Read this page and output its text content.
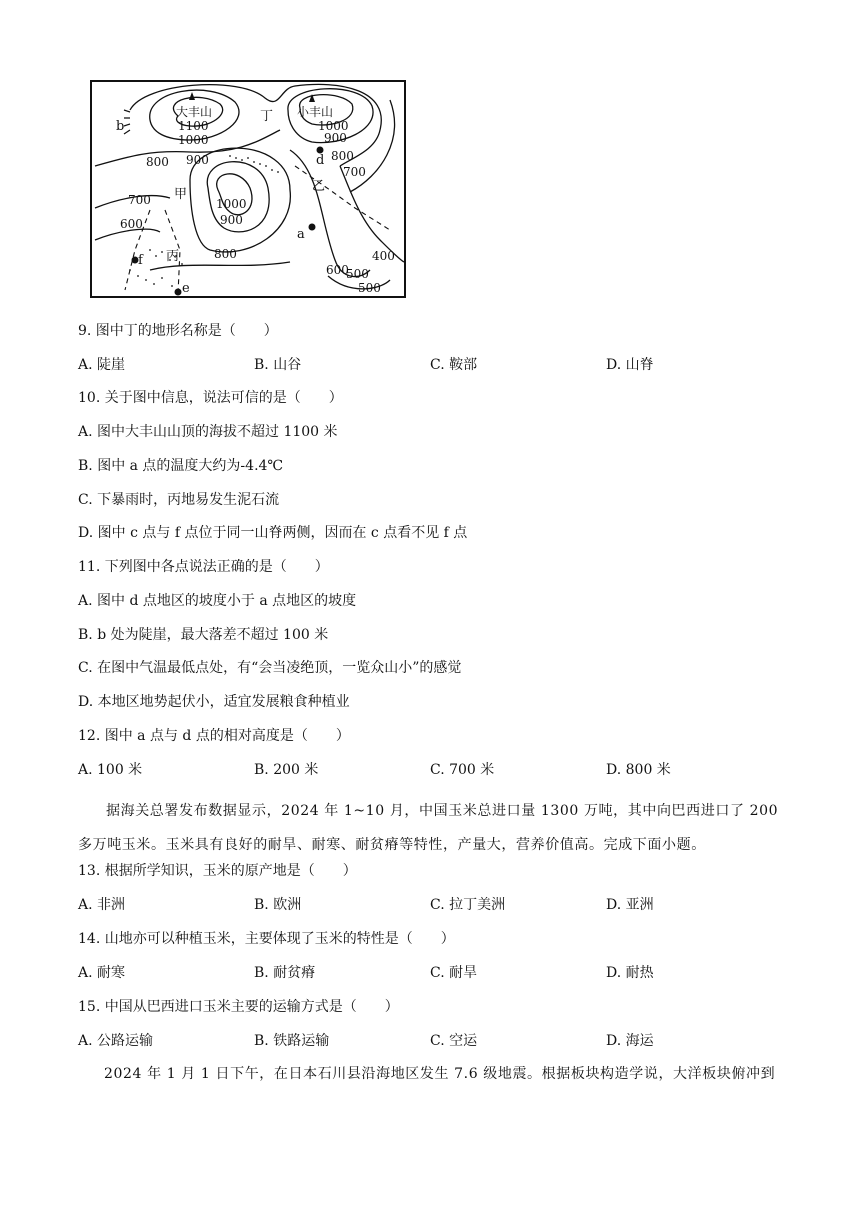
大丰山	小丰山
丁
1100	1000
1000	900
b
800 900	800
d
700
乙
甲
700	1000
900
600
a
丙	800
f	400
600
500
500
e
9. 图中丁的地形名称是（　　）
A. 陡崖	B. 山谷	C. 鞍部	D. 山脊
10. 关于图中信息，说法可信的是（　　）
A. 图中大丰山山顶的海拔不超过 1100 米
B. 图中 a 点的温度大约为-4.4℃
C. 下暴雨时，丙地易发生泥石流
D. 图中 c 点与 f 点位于同一山脊两侧，因而在 c 点看不见 f 点
11. 下列图中各点说法正确的是（　　）
A. 图中 d 点地区的坡度小于 a 点地区的坡度
B. b 处为陡崖，最大落差不超过 100 米
C. 在图中气温最低点处，有“会当凌绝顶，一览众山小”的感觉
D. 本地区地势起伏小，适宜发展粮食种植业
12. 图中 a 点与 d 点的相对高度是（　　）
A. 100 米	B. 200 米	C. 700 米	D. 800 米
据海关总署发布数据显示，2024 年 1~10 月，中国玉米总进口量 1300 万吨，其中向巴西进口了 200 多万吨玉米。玉米具有良好的耐旱、耐寒、耐贫瘠等特性，产量大，营养价值高。完成下面小题。
13. 根据所学知识，玉米的原产地是（　　）
A. 非洲	B. 欧洲	C. 拉丁美洲	D. 亚洲
14. 山地亦可以种植玉米，主要体现了玉米的特性是（　　）
A. 耐寒	B. 耐贫瘠	C. 耐旱	D. 耐热
15. 中国从巴西进口玉米主要的运输方式是（　　）
A. 公路运输	B. 铁路运输	C. 空运	D. 海运
2024 年 1 月 1 日下午，在日本石川县沿海地区发生 7.6 级地震。根据板块构造学说，大洋板块俯冲到
